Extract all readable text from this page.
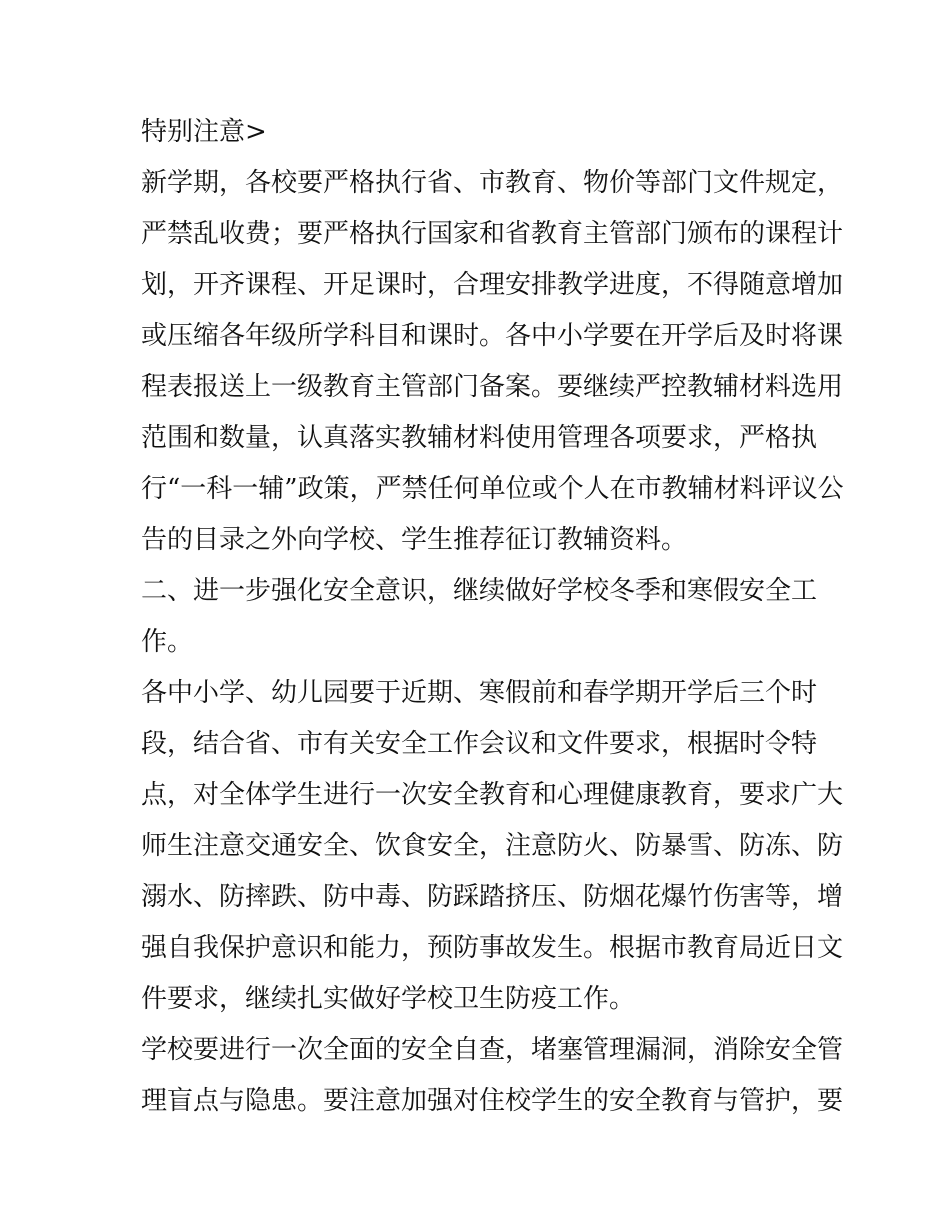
特别注意>
新学期，各校要严格执行省、市教育、物价等部门文件规定，
严禁乱收费；要严格执行国家和省教育主管部门颁布的课程计
划，开齐课程、开足课时，合理安排教学进度，不得随意增加
或压缩各年级所学科目和课时。各中小学要在开学后及时将课
程表报送上一级教育主管部门备案。要继续严控教辅材料选用
范围和数量，认真落实教辅材料使用管理各项要求，严格执
行“一科一辅”政策，严禁任何单位或个人在市教辅材料评议公
告的目录之外向学校、学生推荐征订教辅资料。
二、进一步强化安全意识，继续做好学校冬季和寒假安全工
作。
各中小学、幼儿园要于近期、寒假前和春学期开学后三个时
段，结合省、市有关安全工作会议和文件要求，根据时令特
点，对全体学生进行一次安全教育和心理健康教育，要求广大
师生注意交通安全、饮食安全，注意防火、防暴雪、防冻、防
溺水、防摔跌、防中毒、防踩踏挤压、防烟花爆竹伤害等，增
强自我保护意识和能力，预防事故发生。根据市教育局近日文
件要求，继续扎实做好学校卫生防疫工作。
学校要进行一次全面的安全自查，堵塞管理漏洞，消除安全管
理盲点与隐患。要注意加强对住校学生的安全教育与管护，要
